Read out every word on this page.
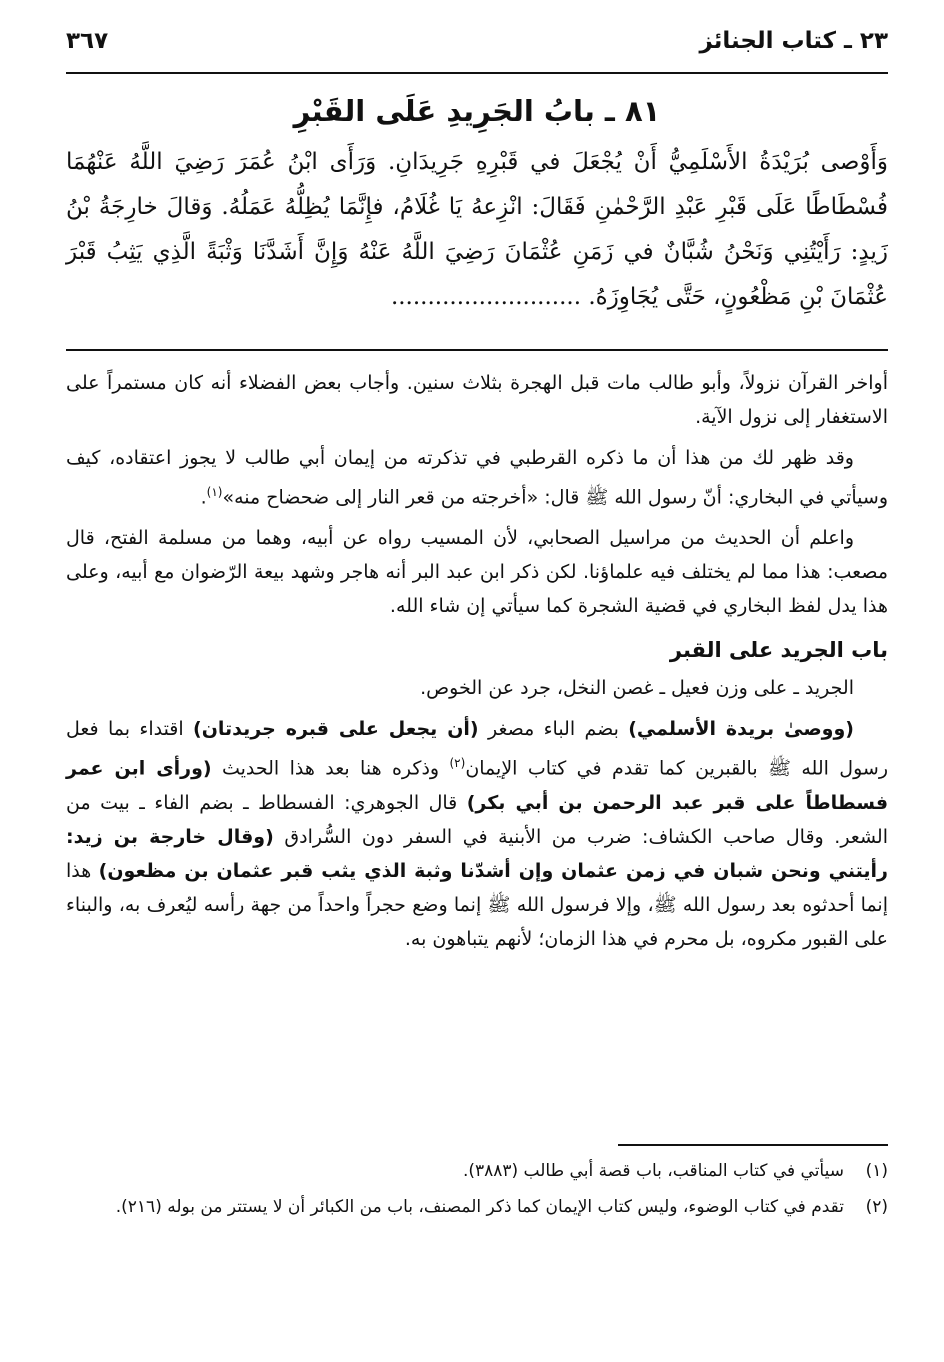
٢٣ ـ كتاب الجنائز
٣٦٧
٨١ ـ بابُ الجَرِيدِ عَلَى القَبْرِ

وَأَوْصى بُرَيْدَةُ الأَسْلَمِيُّ أَنْ يُجْعَلَ في قَبْرِهِ جَرِيدَانِ. وَرَأَى ابْنُ عُمَرَ رَضِيَ اللَّهُ عَنْهُمَا فُسْطَاطًا عَلَى قَبْرِ عَبْدِ الرَّحْمٰنِ فَقَالَ: انْزِعهُ يَا غُلَامُ، فإِنَّمَا يُظِلُّهُ عَمَلُهُ. وَقالَ خارِجَةُ بْنُ زَيدٍ: رَأَيْتُنِي وَنَحْنُ شُبَّانٌ في زَمَنِ عُثْمَانَ رَضِيَ اللَّهُ عَنْهُ وَإِنَّ أَشَدَّنَا وَثْبَةً الَّذِي يَثِبُ قَبْرَ عُثْمَانَ بْنِ مَظْعُونٍ، حَتَّى يُجَاوِزَهُ. ..........................

أواخر القرآن نزولاً، وأبو طالب مات قبل الهجرة بثلاث سنين. وأجاب بعض الفضلاء أنه كان مستمراً على الاستغفار إلى نزول الآية.

وقد ظهر لك من هذا أن ما ذكره القرطبي في تذكرته من إيمان أبي طالب لا يجوز اعتقاده، كيف وسيأتي في البخاري: أنّ رسول الله ﷺ قال: «أخرجته من قعر النار إلى ضحضاح منه»$^{(١)}$.

واعلم أن الحديث من مراسيل الصحابي، لأن المسيب رواه عن أبيه، وهما من مسلمة الفتح، قال مصعب: هذا مما لم يختلف فيه علماؤنا. لكن ذكر ابن عبد البر أنه هاجر وشهد بيعة الرّضوان مع أبيه، وعلى هذا يدل لفظ البخاري في قضية الشجرة كما سيأتي إن شاء الله.

باب الجريد على القبر

الجريد ـ على وزن فعيل ـ غصن النخل، جرد عن الخوص.

(ووصىٰ بريدة الأسلمي) بضم الباء مصغر (أن يجعل على قبره جريدتان) اقتداء بما فعل رسول الله ﷺ بالقبرين كما تقدم في كتاب الإيمان$^{(٢)}$ وذكره هنا بعد هذا الحديث (ورأى ابن عمر فسطاطاً على قبر عبد الرحمن بن أبي بكر) قال الجوهري: الفسطاط ـ بضم الفاء ـ بيت من الشعر. وقال صاحب الكشاف: ضرب من الأبنية في السفر دون السُّرادق (وقال خارجة بن زيد: رأيتني ونحن شبان في زمن عثمان وإن أشدّنا وثبة الذي يثب قبر عثمان بن مظعون) هذا إنما أحدثوه بعد رسول الله ﷺ، وإلا فرسول الله ﷺ إنما وضع حجراً واحداً من جهة رأسه ليُعرف به، والبناء على القبور مكروه، بل محرم في هذا الزمان؛ لأنهم يتباهون به.

(١)
سيأتي في كتاب المناقب، باب قصة أبي طالب (٣٨٨٣).
(٢)
تقدم في كتاب الوضوء، وليس كتاب الإيمان كما ذكر المصنف، باب من الكبائر أن لا يستتر من بوله (٢١٦).
